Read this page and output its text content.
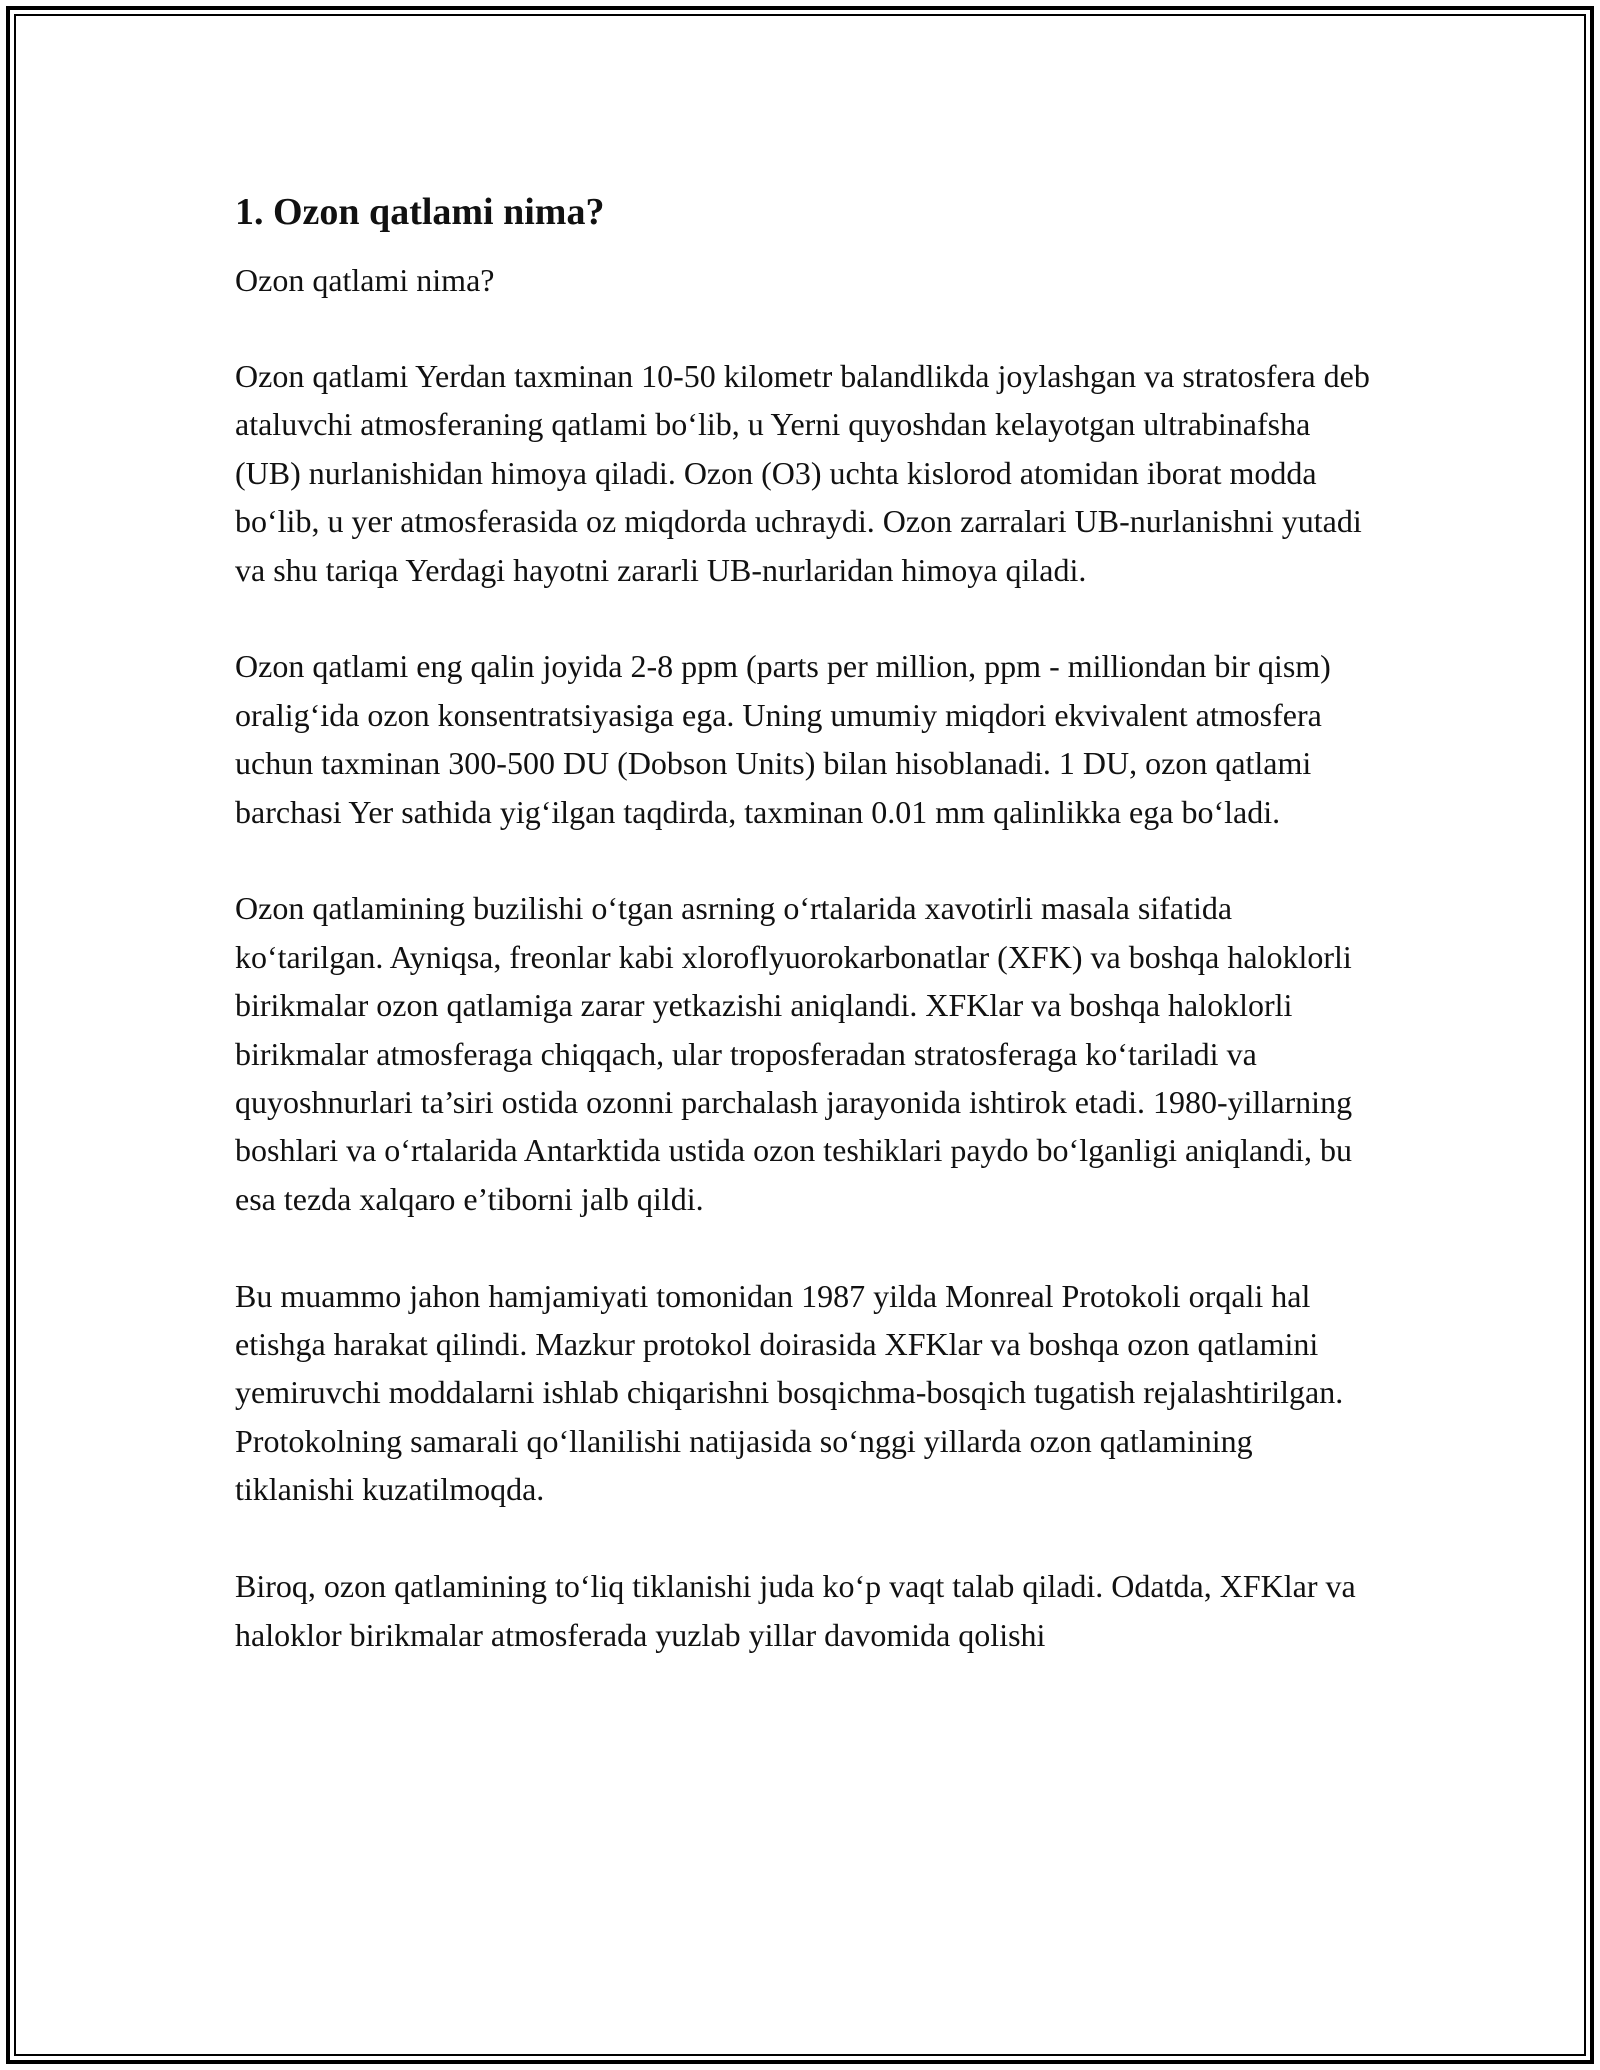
1. Ozon qatlami nima?

Ozon qatlami nima?

Ozon qatlami Yerdan taxminan 10-50 kilometr balandlikda joylashgan va stratosfera deb ataluvchi atmosferaning qatlami bo‘lib, u Yerni quyoshdan kelayotgan ultrabinafsha (UB) nurlanishidan himoya qiladi. Ozon (O3) uchta kislorod atomidan iborat modda bo‘lib, u yer atmosferasida oz miqdorda uchraydi. Ozon zarralari UB-nurlanishni yutadi va shu tariqa Yerdagi hayotni zararli UB-nurlaridan himoya qiladi.

Ozon qatlami eng qalin joyida 2-8 ppm (parts per million, ppm - milliondan bir qism) oralig‘ida ozon konsentratsiyasiga ega. Uning umumiy miqdori ekvivalent atmosfera uchun taxminan 300-500 DU (Dobson Units) bilan hisoblanadi. 1 DU, ozon qatlami barchasi Yer sathida yig‘ilgan taqdirda, taxminan 0.01 mm qalinlikka ega bo‘ladi.

Ozon qatlamining buzilishi o‘tgan asrning o‘rtalarida xavotirli masala sifatida ko‘tarilgan. Ayniqsa, freonlar kabi xloroflyuorokarbonatlar (XFK) va boshqa haloklorli birikmalar ozon qatlamiga zarar yetkazishi aniqlandi. XFKlar va boshqa haloklorli birikmalar atmosferaga chiqqach, ular troposferadan stratosferaga ko‘tariladi va quyoshnurlari ta’siri ostida ozonni parchalash jarayonida ishtirok etadi. 1980-yillarning boshlari va o‘rtalarida Antarktida ustida ozon teshiklari paydo bo‘lganligi aniqlandi, bu esa tezda xalqaro e’tiborni jalb qildi.

Bu muammo jahon hamjamiyati tomonidan 1987 yilda Monreal Protokoli orqali hal etishga harakat qilindi. Mazkur protokol doirasida XFKlar va boshqa ozon qatlamini yemiruvchi moddalarni ishlab chiqarishni bosqichma-bosqich tugatish rejalashtirilgan. Protokolning samarali qo‘llanilishi natijasida so‘nggi yillarda ozon qatlamining tiklanishi kuzatilmoqda.

Biroq, ozon qatlamining to‘liq tiklanishi juda ko‘p vaqt talab qiladi. Odatda, XFKlar va haloklor birikmalar atmosferada yuzlab yillar davomida qolishi
